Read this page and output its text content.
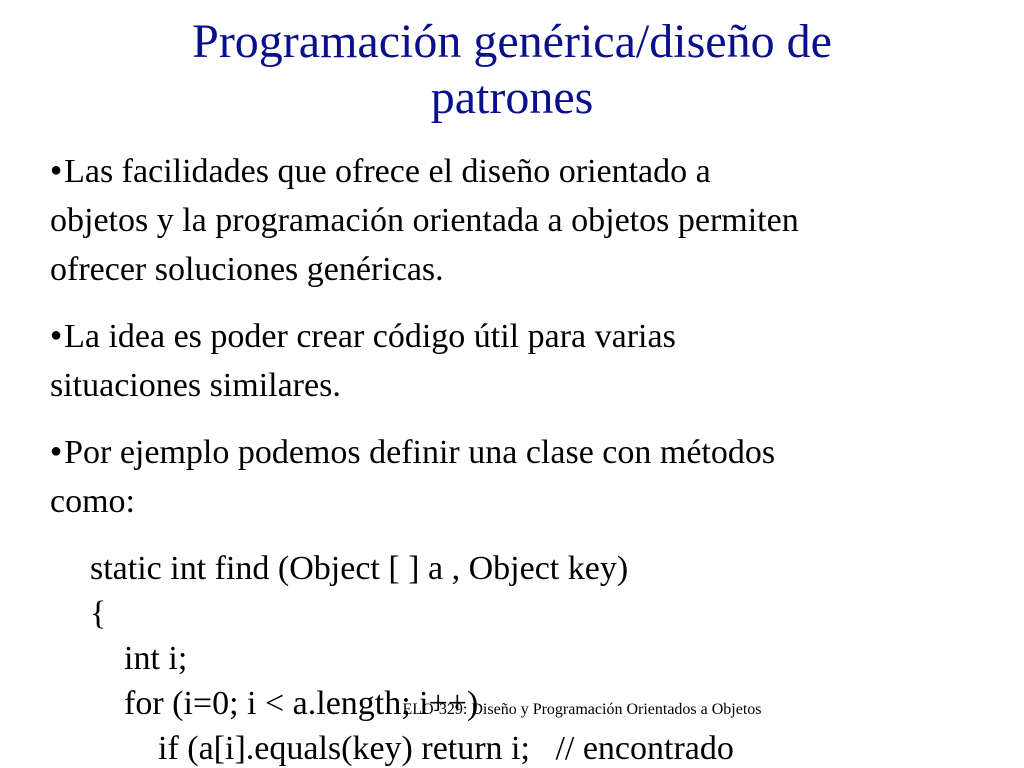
Programación genérica/diseño de
patrones
●Las facilidades que ofrece el diseño orientado a
objetos y la programación orientada a objetos permiten
ofrecer soluciones genéricas.
●La idea es poder crear código útil para varias
situaciones similares.
●Por ejemplo podemos definir una clase con métodos
como:
static int find (Object [ ] a , Object key)
{
int i;
for (i=0; i < a.length; i++)
if (a[i].equals(key) return i;   // encontrado
ELO-329: Diseño y Programación Orientados a Objetos
